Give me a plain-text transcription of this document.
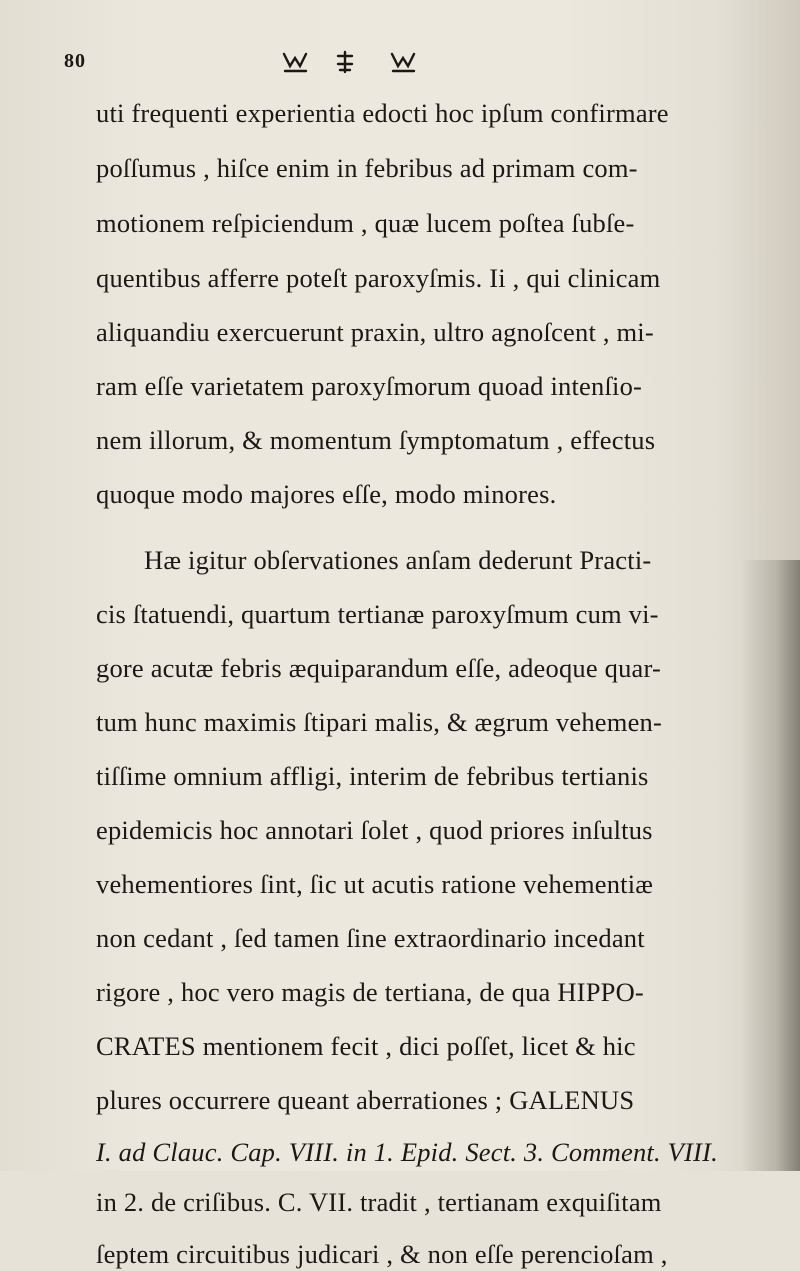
80
uti frequenti experientia edocti hoc ipſum confirmare
poſſumus , hiſce enim in febribus ad primam com-
motionem reſpiciendum , quæ lucem poſtea ſubſe-
quentibus afferre poteſt paroxyſmis. Ii , qui clinicam
aliquandiu exercuerunt praxin, ultro agnoſcent , mi-
ram eſſe varietatem paroxyſmorum quoad intenſio-
nem illorum, & momentum ſymptomatum , effectus
quoque modo majores eſſe, modo minores.
Hæ igitur obſervationes anſam dederunt Practi-
cis ſtatuendi, quartum tertianæ paroxyſmum cum vi-
gore acutæ febris æquiparandum eſſe, adeoque quar-
tum hunc maximis ſtipari malis, & ægrum vehemen-
tiſſime omnium affligi, interim de febribus tertianis
epidemicis hoc annotari ſolet , quod priores inſultus
vehementiores ſint, ſic ut acutis ratione vehementiæ
non cedant , ſed tamen ſine extraordinario incedant
rigore , hoc vero magis de tertiana, de qua HIPPO-
CRATES mentionem fecit , dici poſſet, licet & hic
plures occurrere queant aberrationes ; GALENUS
I. ad Clauc. Cap. VIII. in 1. Epid. Sect. 3. Comment. VIII.
in 2. de criſibus. C. VII. tradit , tertianam exquiſitam
ſeptem circuitibus judicari , & non eſſe perencioſam ,
